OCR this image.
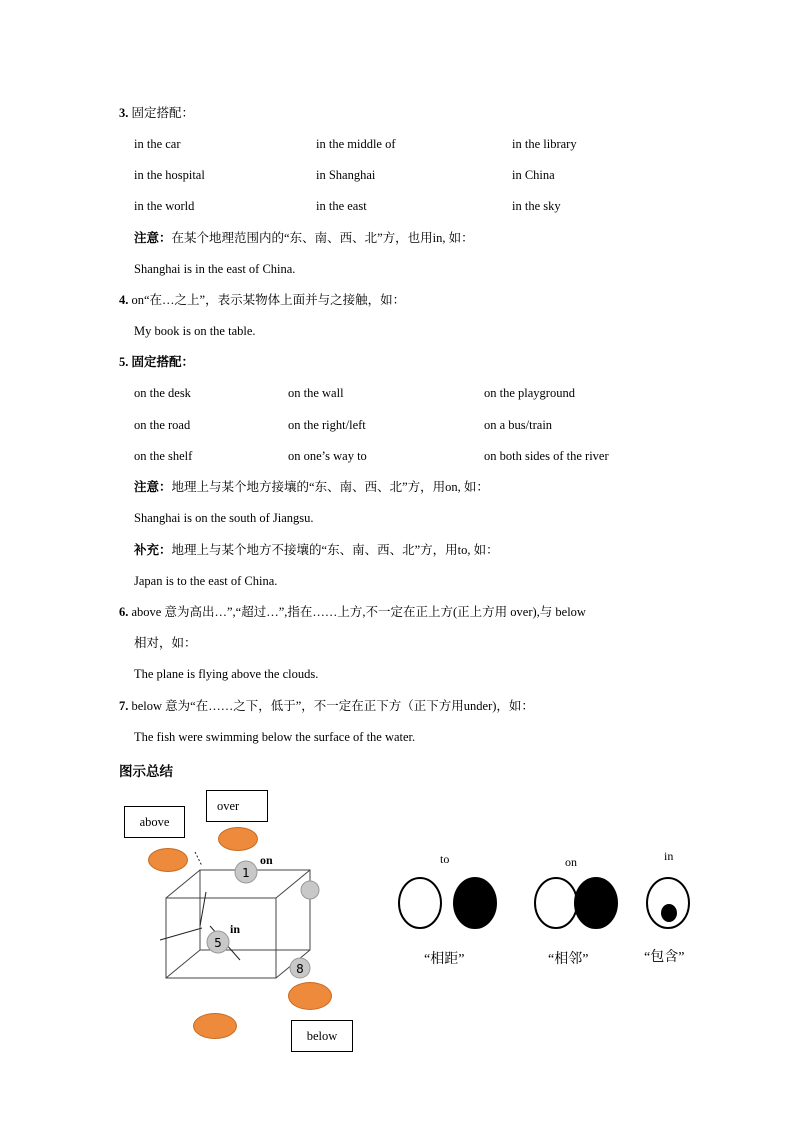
3. 固定搭配：
in the car	in the middle of	in the library
in the hospital	in Shanghai	in China
in the world	in the east	in the sky
注意：在某个地理范围内的“东、南、西、北”方，也用in, 如：
Shanghai is in the east of China.
4. on“在…之上”，表示某物体上面并与之接触，如：
My book is on the table.
5. 固定搭配：
on the desk	on the wall	on the playground
on the road	on the right/left	on a bus/train
on the shelf	on one’s way to	on both sides of the river
注意：地理上与某个地方接壤的“东、南、西、北”方，用on, 如：
Shanghai is on the south of Jiangsu.
补充：地理上与某个地方不接壤的“东、南、西、北”方，用to, 如：
Japan is to the east of China.
6. above 意为高出…”,“超过…”,指在……上方,不一定在正上方(正上方用 over),与 below
相对，如：
The plane is flying above the clouds.
7. below 意为“在……之下，低于”，不一定在正下方（正下方用under)，如：
The fish were swimming below the surface of the water.
图示总结
1
on
5
in
8
above
over
below
to
“相距”
on
“相邻”
in
“包含”
